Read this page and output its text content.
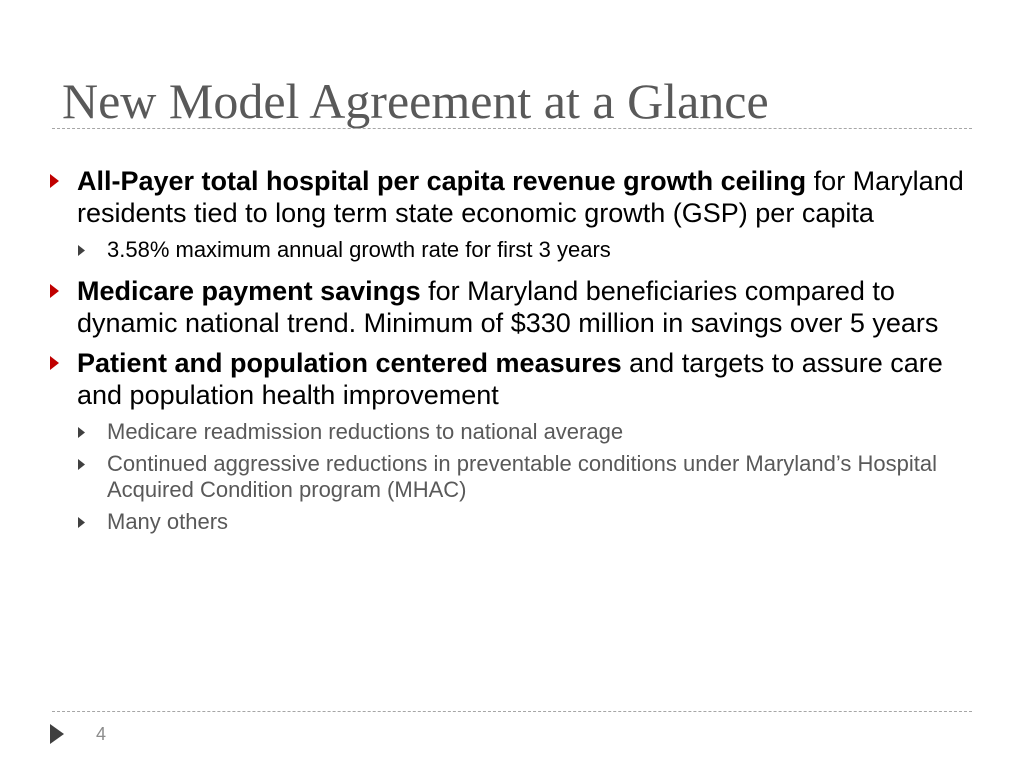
New Model Agreement at a Glance
All-Payer total hospital per capita revenue growth ceiling for Maryland residents tied to long term state economic growth (GSP) per capita
3.58% maximum annual growth rate for first 3 years
Medicare payment savings for Maryland beneficiaries compared to dynamic national trend. Minimum of $330 million in savings over 5 years
Patient and population centered measures and targets to assure care and population health improvement
Medicare readmission reductions to national average
Continued aggressive reductions in preventable conditions under Maryland’s Hospital Acquired Condition program (MHAC)
Many others
4
